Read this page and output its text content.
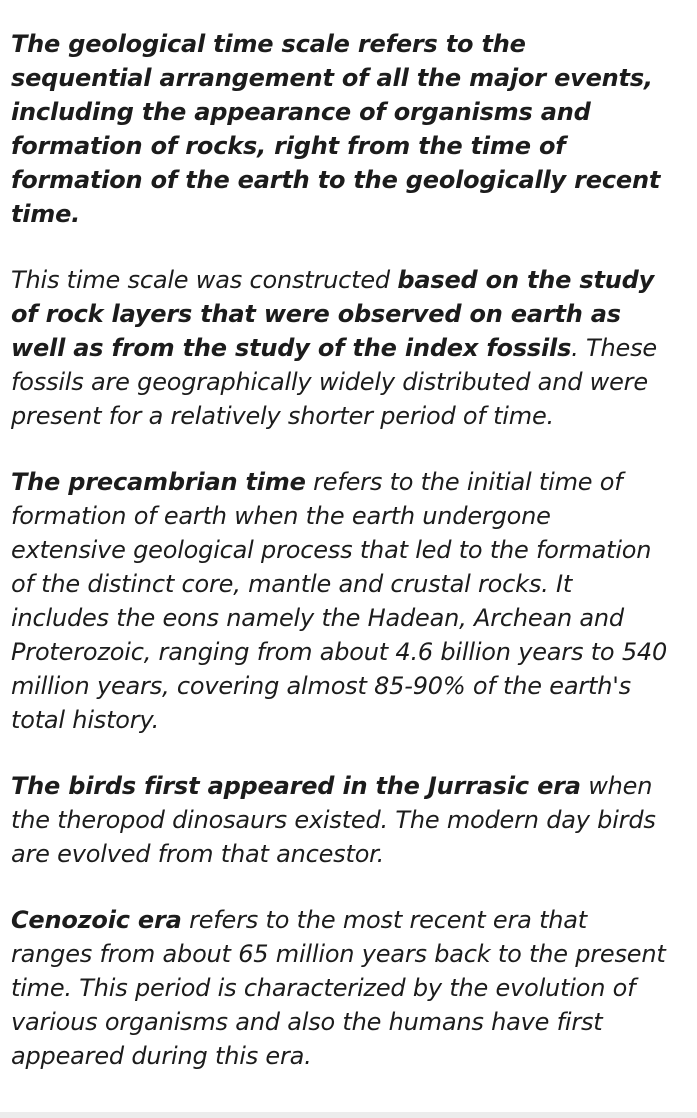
The geological time scale refers to the sequential arrangement of all the major events, including the appearance of organisms and formation of rocks, right from the time of formation of the earth to the geologically recent time.

This time scale was constructed based on the study of rock layers that were observed on earth as well as from the study of the index fossils. These fossils are geographically widely distributed and were present for a relatively shorter period of time.

The precambrian time refers to the initial time of formation of earth when the earth undergone extensive geological process that led to the formation of the distinct core, mantle and crustal rocks. It includes the eons namely the Hadean, Archean and Proterozoic, ranging from about 4.6 billion years to 540 million years, covering almost 85-90% of the earth's total history.

The birds first appeared in the Jurrasic era when the theropod dinosaurs existed. The modern day birds are evolved from that ancestor.

Cenozoic era refers to the most recent era that ranges from about 65 million years back to the present time. This period is characterized by the evolution of various organisms and also the humans have first appeared during this era.
